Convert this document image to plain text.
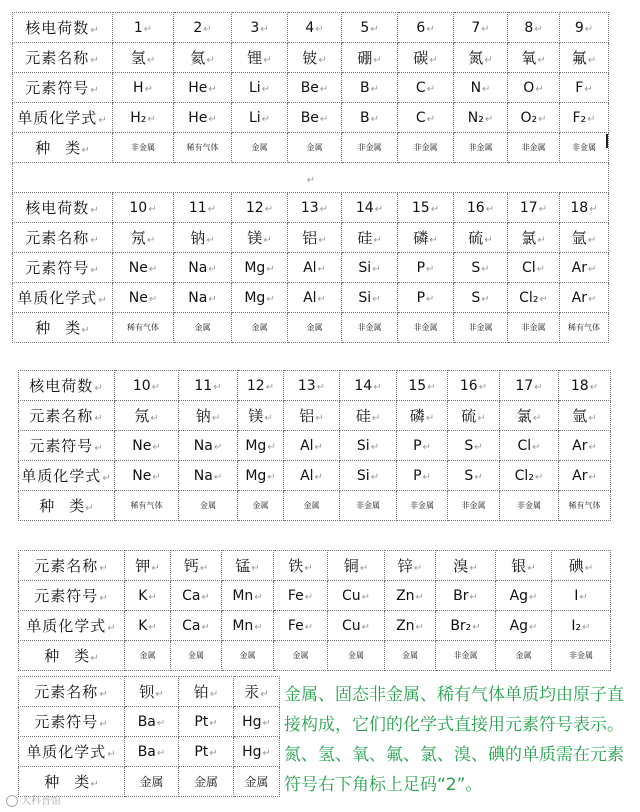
核电荷数↵	1↵	2↵	3↵	4↵	5↵	6↵	7↵	8↵	9↵
元素名称↵	氢↵	氦↵	锂↵	铍↵	硼↵	碳↵	氮↵	氧↵	氟↵
元素符号↵	H↵	He↵	Li↵	Be↵	B↵	C↵	N↵	O↵	F↵
单质化学式↵	H₂↵	He↵	Li↵	Be↵	B↵	C↵	N₂↵	O₂↵	F₂↵
种　类↵	非金属	稀有气体	金属	金属	非金属	非金属	非金属	非金属	非金属
↵									
核电荷数↵	10↵	11↵	12↵	13↵	14↵	15↵	16↵	17↵	18↵
元素名称↵	氖↵	钠↵	镁↵	铝↵	硅↵	磷↵	硫↵	氯↵	氩↵
元素符号↵	Ne↵	Na↵	Mg↵	Al↵	Si↵	P↵	S↵	Cl↵	Ar↵
单质化学式↵	Ne↵	Na↵	Mg↵	Al↵	Si↵	P↵	S↵	Cl₂↵	Ar↵
种　类↵	稀有气体	金属	金属	金属	非金属	非金属	非金属	非金属	稀有气体
核电荷数↵	10↵	11↵	12↵	13↵	14↵	15↵	16↵	17↵	18↵
元素名称↵	氖↵	钠↵	镁↵	铝↵	硅↵	磷↵	硫↵	氯↵	氩↵
元素符号↵	Ne↵	Na↵	Mg↵	Al↵	Si↵	P↵	S↵	Cl↵	Ar↵
单质化学式↵	Ne↵	Na↵	Mg↵	Al↵	Si↵	P↵	S↵	Cl₂↵	Ar↵
种　类↵	稀有气体	金属	金属	金属	非金属	非金属	非金属	非金属	稀有气体
元素名称↵	钾↵	钙↵	锰↵	铁↵	铜↵	锌↵	溴↵	银↵	碘↵
元素符号↵	K↵	Ca↵	Mn↵	Fe↵	Cu↵	Zn↵	Br↵	Ag↵	I↵
单质化学式↵	K↵	Ca↵	Mn↵	Fe↵	Cu↵	Zn↵	Br₂↵	Ag↵	I₂↵
种　类↵	金属	金属	金属	金属	金属	金属	非金属	金属	非金属
元素名称↵	钡↵	铂↵	汞↵
元素符号↵	Ba↵	Pt↵	Hg↵
单质化学式↵	Ba↵	Pt↵	Hg↵
种　类↵	金属	金属	金属
金属、固态非金属、稀有气体单质均由原子直接构成，它们的化学式直接用元素符号表示。氮、氢、氧、氟、氯、溴、碘的单质需在元素符号右下角标上足码“2”。
大科普馆
